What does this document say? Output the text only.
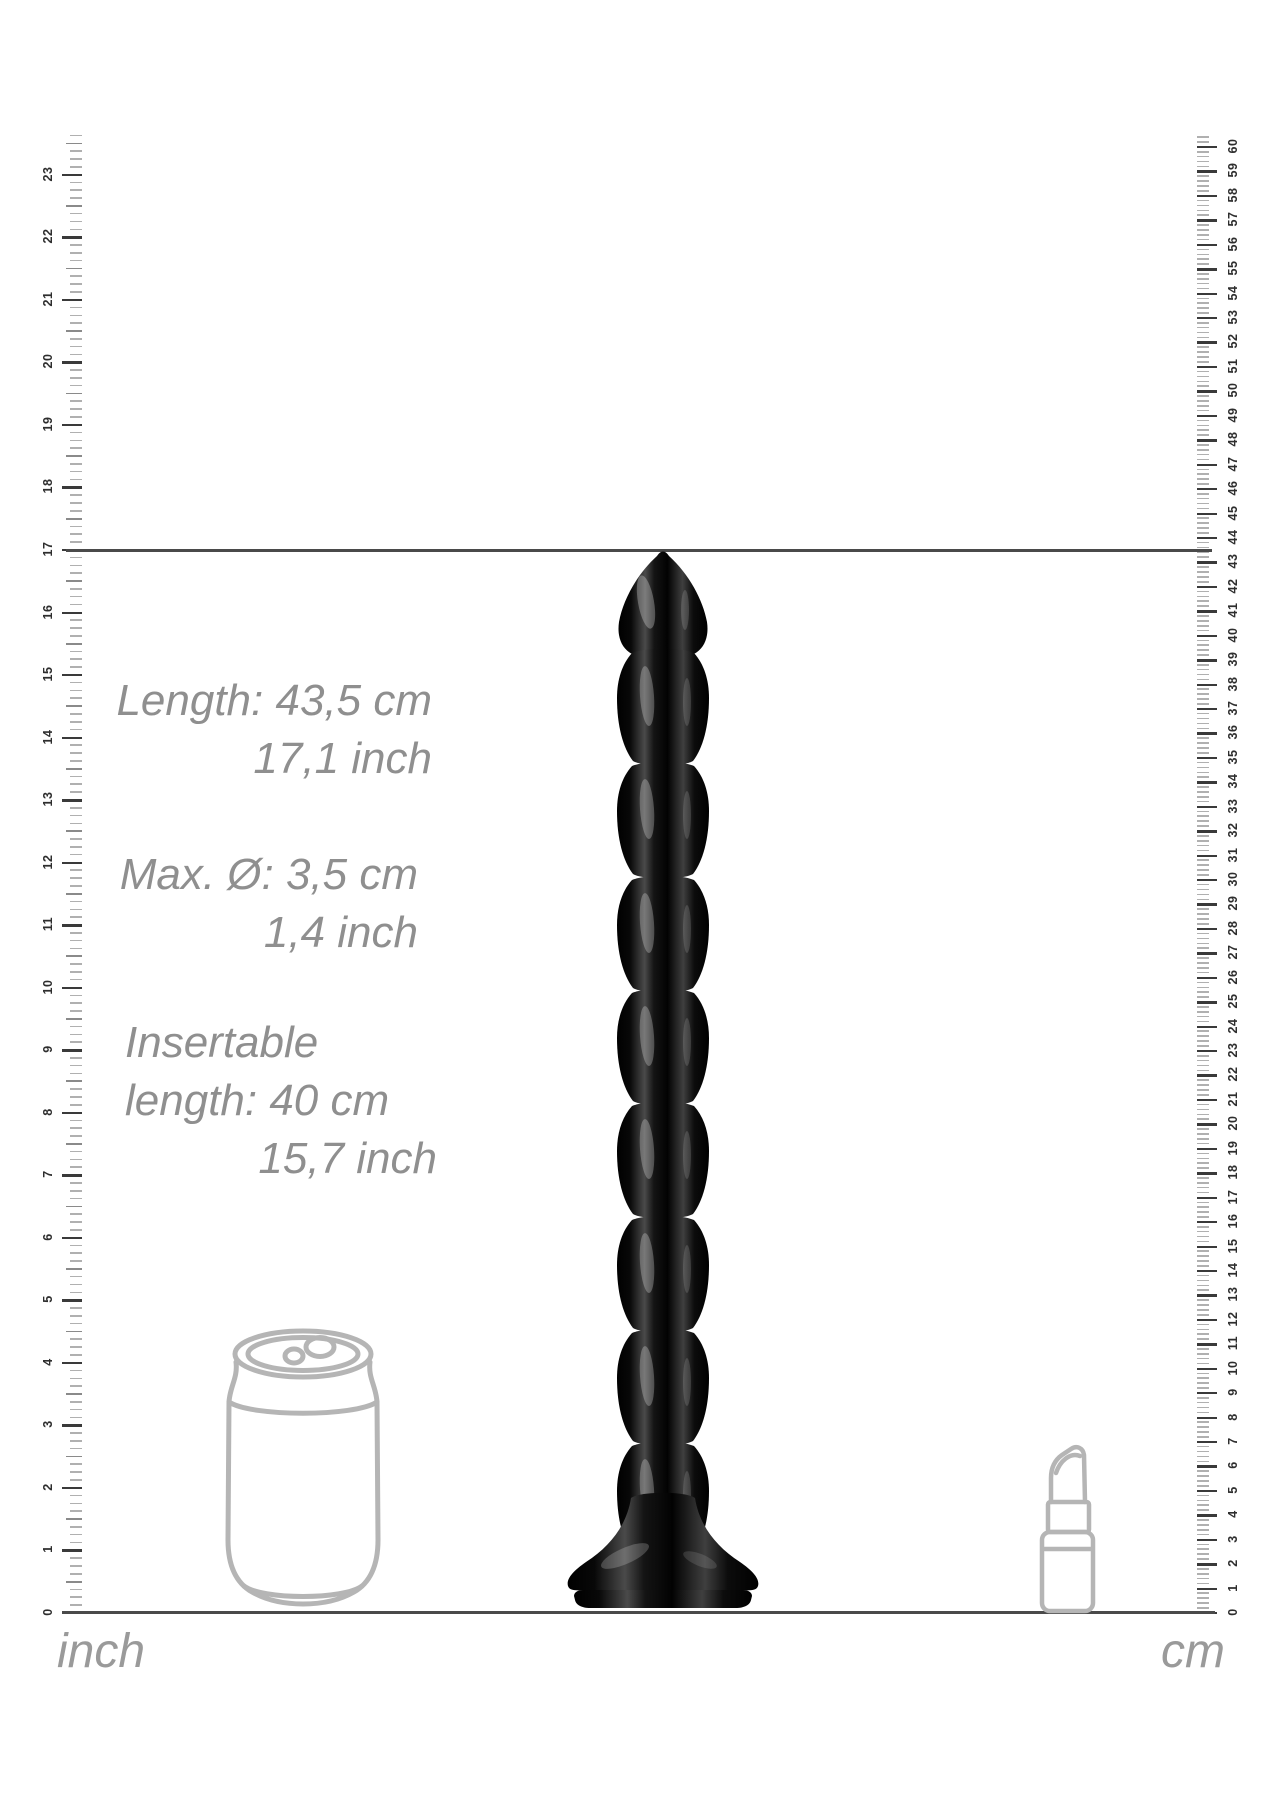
0
1
2
3
4
5
6
7
8
9
10
11
12
13
14
15
16
17
18
19
20
21
22
23
0
1
2
3
4
5
6
7
8
9
10
11
12
13
14
15
16
17
18
19
20
21
22
23
24
25
26
27
28
29
30
31
32
33
34
35
36
37
38
39
40
41
42
43
44
45
46
47
48
49
50
51
52
53
54
55
56
57
58
59
60
Length: 43,5 cm
17,1 inch
Max. Ø: 3,5 cm
1,4 inch
Insertable
length: 40 cm
15,7 inch
inch	cm
